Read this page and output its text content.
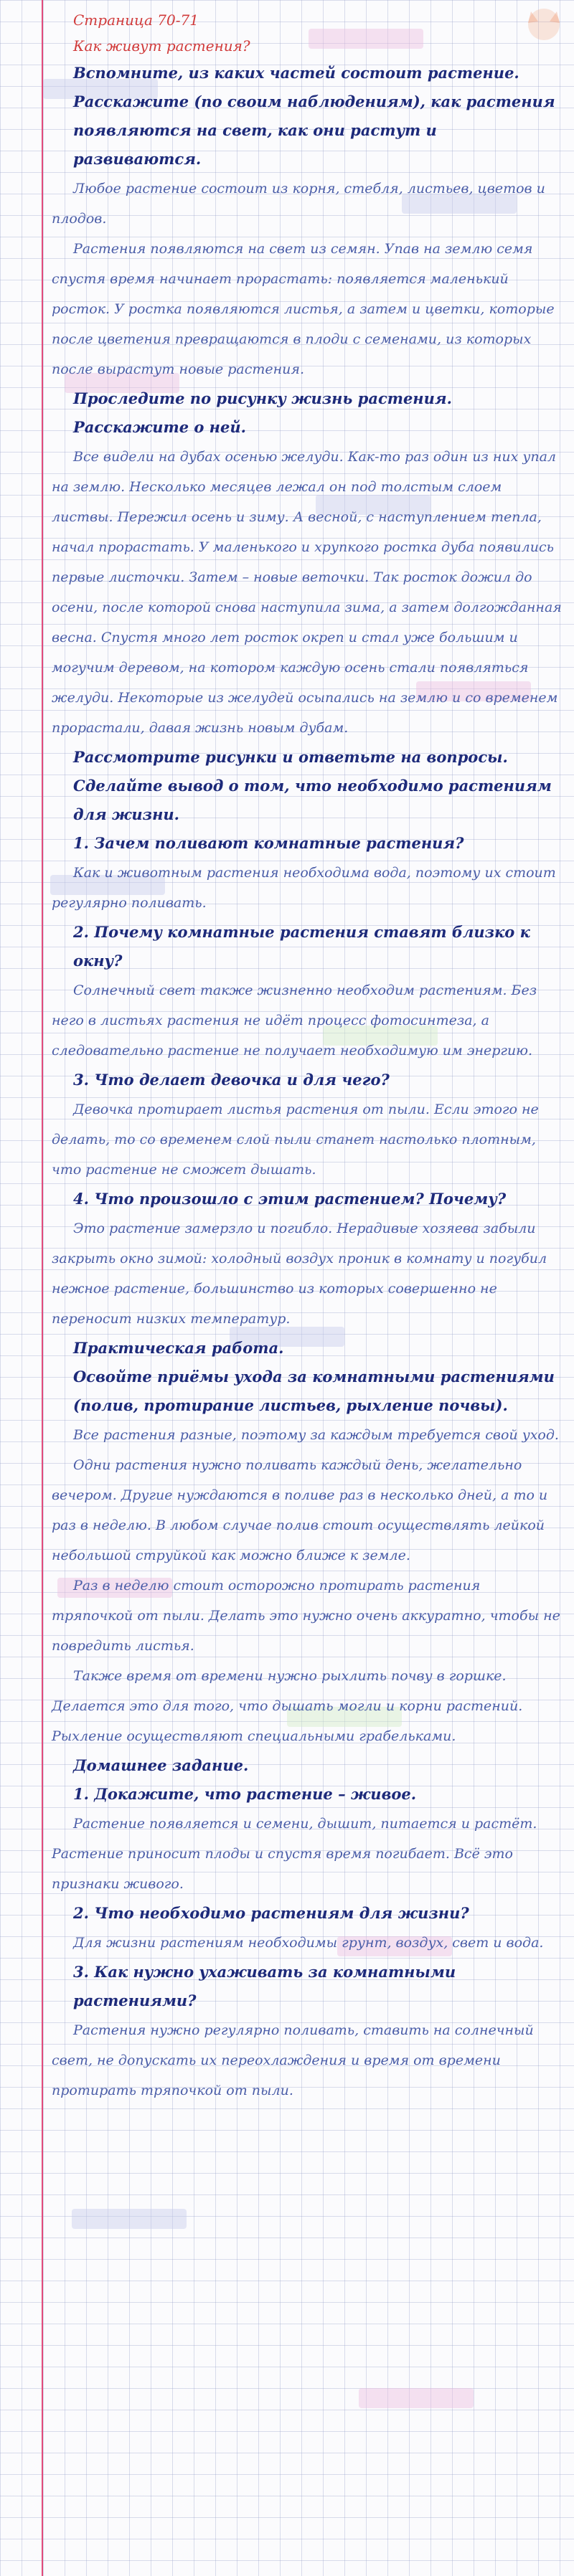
Страница 70-71

Как живут растения?

Вспомните, из каких частей состоит растение. Расскажите (по своим наблюдениям), как растения появляются на свет, как они растут и развиваются.

Любое растение состоит из корня, стебля, листьев, цветов и плодов.

Растения появляются на свет из семян. Упав на землю семя спустя время начинает прорастать: появляется маленький росток. У ростка появляются листья, а затем и цветки, которые после цветения превращаются в плоди с семенами, из которых после вырастут новые растения.

Проследите по рисунку жизнь растения. Расскажите о ней.

Все видели на дубах осенью желуди. Как-то раз один из них упал на землю. Несколько месяцев лежал он под толстым слоем листвы. Пережил осень и зиму. А весной, с наступлением тепла, начал прорастать. У маленького и хрупкого ростка дуба появились первые листочки. Затем – новые веточки. Так росток дожил до осени, после которой снова наступила зима, а затем долгожданная весна. Спустя много лет росток окреп и стал уже большим и могучим деревом, на котором каждую осень стали появляться желуди. Некоторые из желудей осыпались на землю и со временем прорастали, давая жизнь новым дубам.

Рассмотрите рисунки и ответьте на вопросы. Сделайте вывод о том, что необходимо растениям для жизни.

1. Зачем поливают комнатные растения?

Как и животным растения необходима вода, поэтому их стоит регулярно поливать.

2. Почему комнатные растения ставят близко к окну?

Солнечный свет также жизненно необходим растениям. Без него в листьях растения не идёт процесс фотосинтеза, а следовательно растение не получает необходимую им энергию.

3. Что делает девочка и для чего?

Девочка протирает листья растения от пыли. Если этого не делать, то со временем слой пыли станет настолько плотным, что растение не сможет дышать.

4. Что произошло с этим растением? Почему?

Это растение замерзло и погибло. Нерадивые хозяева забыли закрыть окно зимой: холодный воздух проник в комнату и погубил нежное растение, большинство из которых совершенно не переносит низких температур.

Практическая работа.

Освойте приёмы ухода за комнатными растениями (полив, протирание листьев, рыхление почвы).

Все растения разные, поэтому за каждым требуется свой уход.

Одни растения нужно поливать каждый день, желательно вечером. Другие нуждаются в поливе раз в несколько дней, а то и раз в неделю. В любом случае полив стоит осуществлять лейкой небольшой струйкой как можно ближе к земле.

Раз в неделю стоит осторожно протирать растения тряпочкой от пыли. Делать это нужно очень аккуратно, чтобы не повредить листья.

Также время от времени нужно рыхлить почву в горшке. Делается это для того, что дышать могли и корни растений. Рыхление осуществляют специальными грабельками.

Домашнее задание.

1. Докажите, что растение – живое.

Растение появляется и семени, дышит, питается и растёт. Растение приносит плоды и спустя время погибает. Всё это признаки живого.

2. Что необходимо растениям для жизни?

Для жизни растениям необходимы грунт, воздух, свет и вода.

3. Как нужно ухаживать за комнатными растениями?

Растения нужно регулярно поливать, ставить на солнечный свет, не допускать их переохлаждения и время от времени протирать тряпочкой от пыли.
